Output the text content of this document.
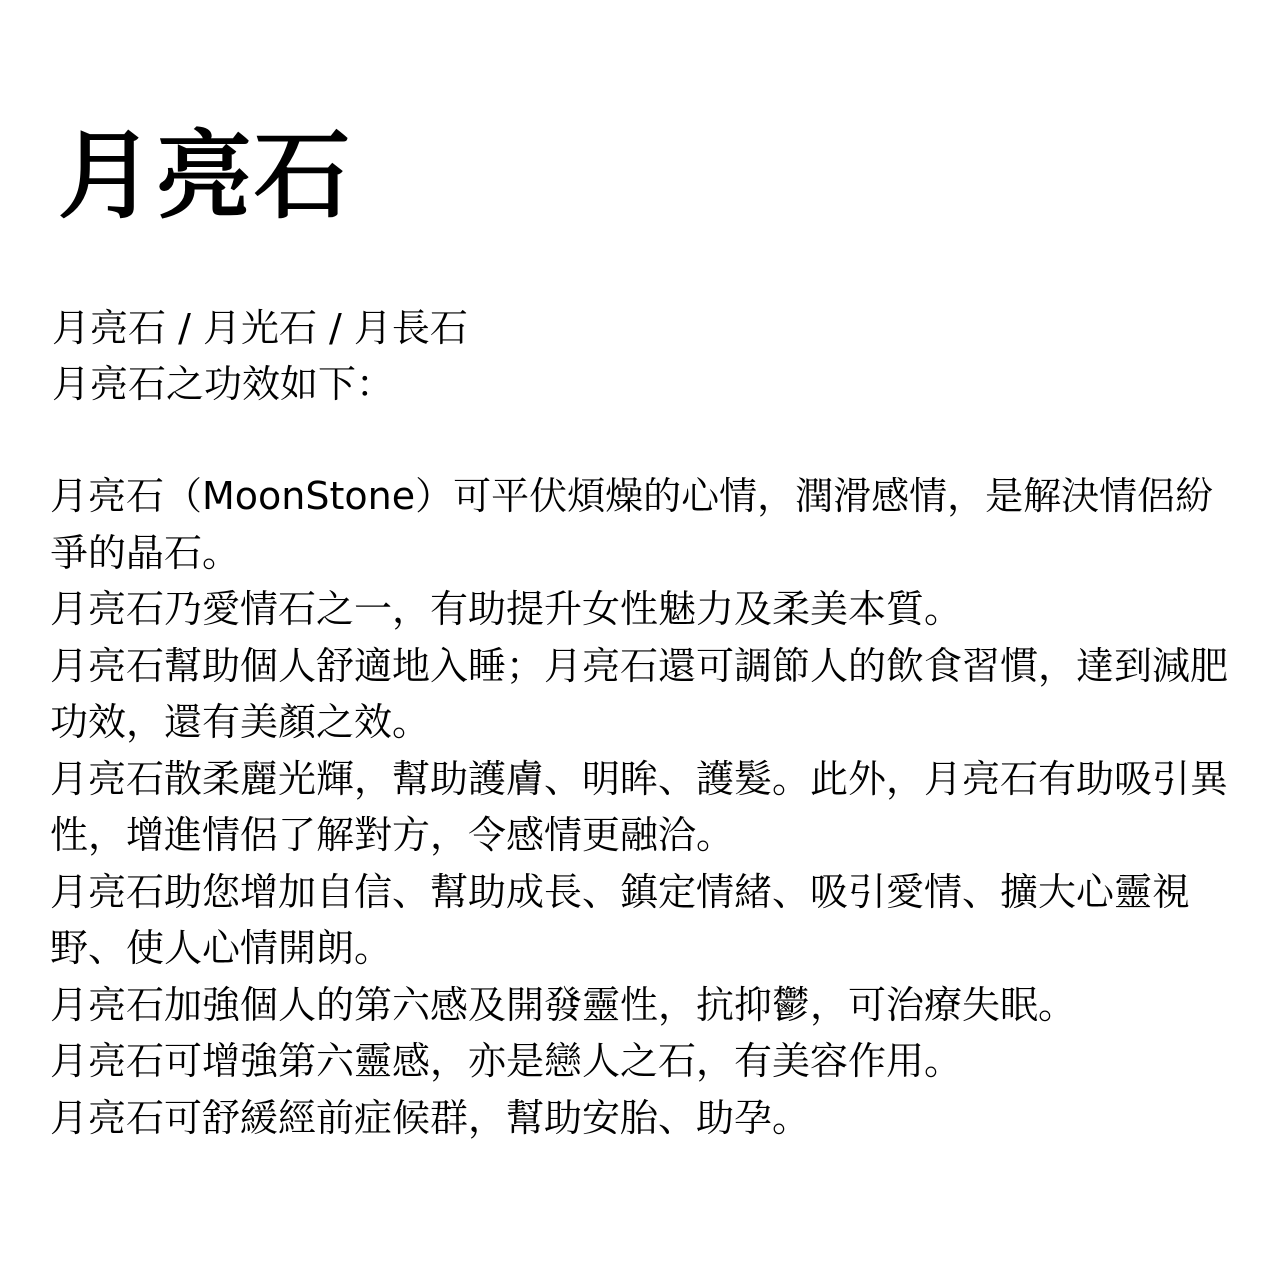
月亮石
月亮石 / 月光石 / 月長石
月亮石之功效如下：

月亮石（MoonStone）可平伏煩燥的心情，潤滑感情，是解決情侶紛爭的晶石。

月亮石乃愛情石之一，有助提升女性魅力及柔美本質。

月亮石幫助個人舒適地入睡；月亮石還可調節人的飲食習慣，達到減肥功效，還有美顏之效。

月亮石散柔麗光輝，幫助護膚、明眸、護髮。此外，月亮石有助吸引異性，增進情侶了解對方，令感情更融洽。

月亮石助您增加自信、幫助成長、鎮定情緒、吸引愛情、擴大心靈視野、使人心情開朗。

月亮石加強個人的第六感及開發靈性，抗抑鬱，可治療失眠。

月亮石可增強第六靈感，亦是戀人之石，有美容作用。

月亮石可舒緩經前症候群，幫助安胎、助孕。
